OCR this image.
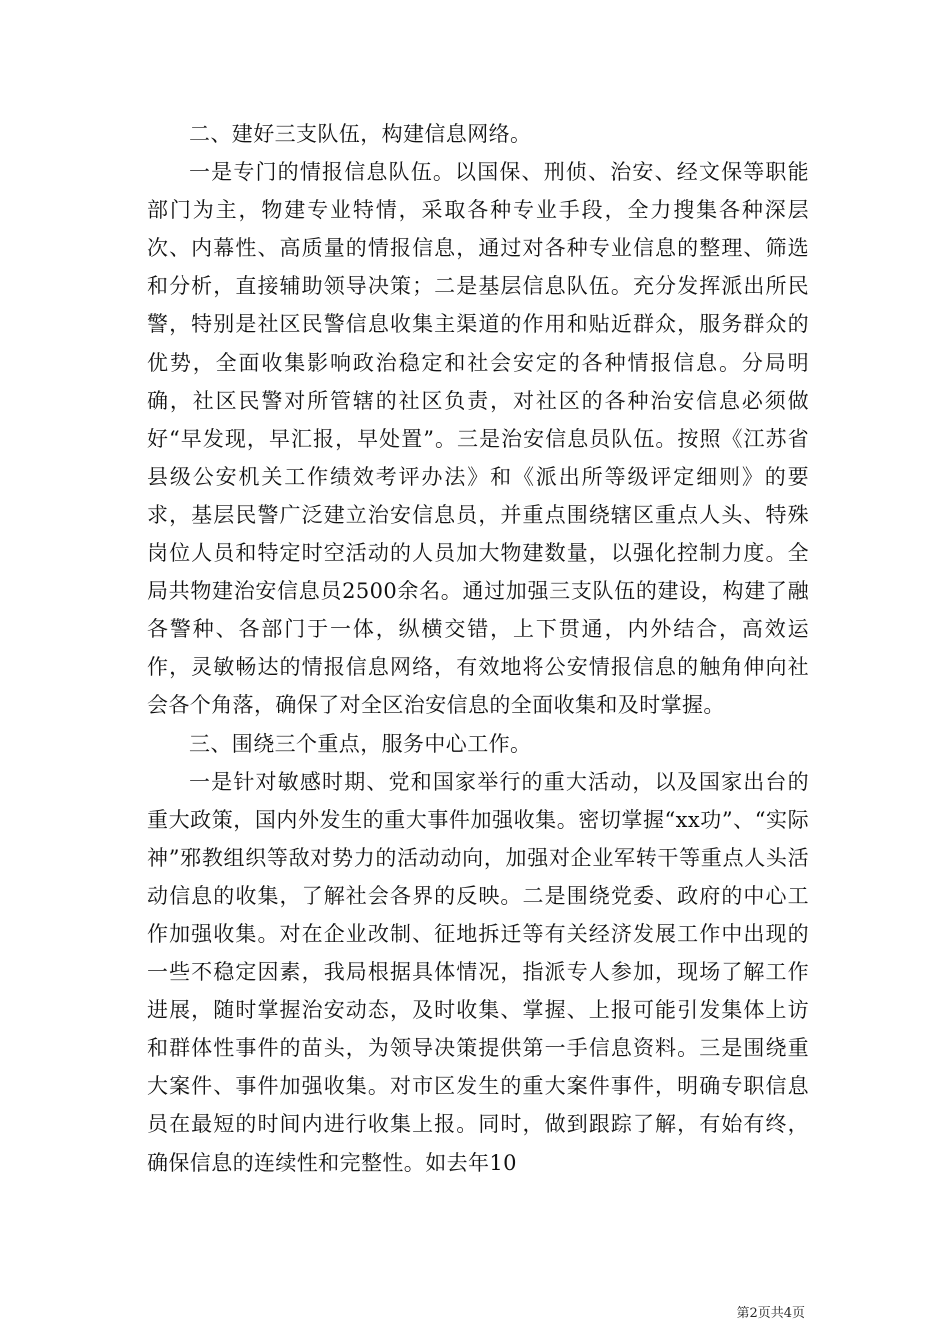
二、建好三支队伍，构建信息网络。

一是专门的情报信息队伍。以国保、刑侦、治安、经文保等职能部门为主，物建专业特情，采取各种专业手段，全力搜集各种深层次、内幕性、高质量的情报信息，通过对各种专业信息的整理、筛选和分析，直接辅助领导决策；二是基层信息队伍。充分发挥派出所民警，特别是社区民警信息收集主渠道的作用和贴近群众，服务群众的优势，全面收集影响政治稳定和社会安定的各种情报信息。分局明确，社区民警对所管辖的社区负责，对社区的各种治安信息必须做好“早发现，早汇报，早处置”。三是治安信息员队伍。按照《江苏省县级公安机关工作绩效考评办法》和《派出所等级评定细则》的要求，基层民警广泛建立治安信息员，并重点围绕辖区重点人头、特殊岗位人员和特定时空活动的人员加大物建数量，以强化控制力度。全局共物建治安信息员2500余名。通过加强三支队伍的建设，构建了融各警种、各部门于一体，纵横交错，上下贯通，内外结合，高效运作，灵敏畅达的情报信息网络，有效地将公安情报信息的触角伸向社会各个角落，确保了对全区治安信息的全面收集和及时掌握。

三、围绕三个重点，服务中心工作。

一是针对敏感时期、党和国家举行的重大活动，以及国家出台的重大政策，国内外发生的重大事件加强收集。密切掌握“xx功”、“实际神”邪教组织等敌对势力的活动动向，加强对企业军转干等重点人头活动信息的收集，了解社会各界的反映。二是围绕党委、政府的中心工作加强收集。对在企业改制、征地拆迁等有关经济发展工作中出现的一些不稳定因素，我局根据具体情况，指派专人参加，现场了解工作进展，随时掌握治安动态，及时收集、掌握、上报可能引发集体上访和群体性事件的苗头，为领导决策提供第一手信息资料。三是围绕重大案件、事件加强收集。对市区发生的重大案件事件，明确专职信息员在最短的时间内进行收集上报。同时，做到跟踪了解，有始有终，确保信息的连续性和完整性。如去年10

第2页共4页
